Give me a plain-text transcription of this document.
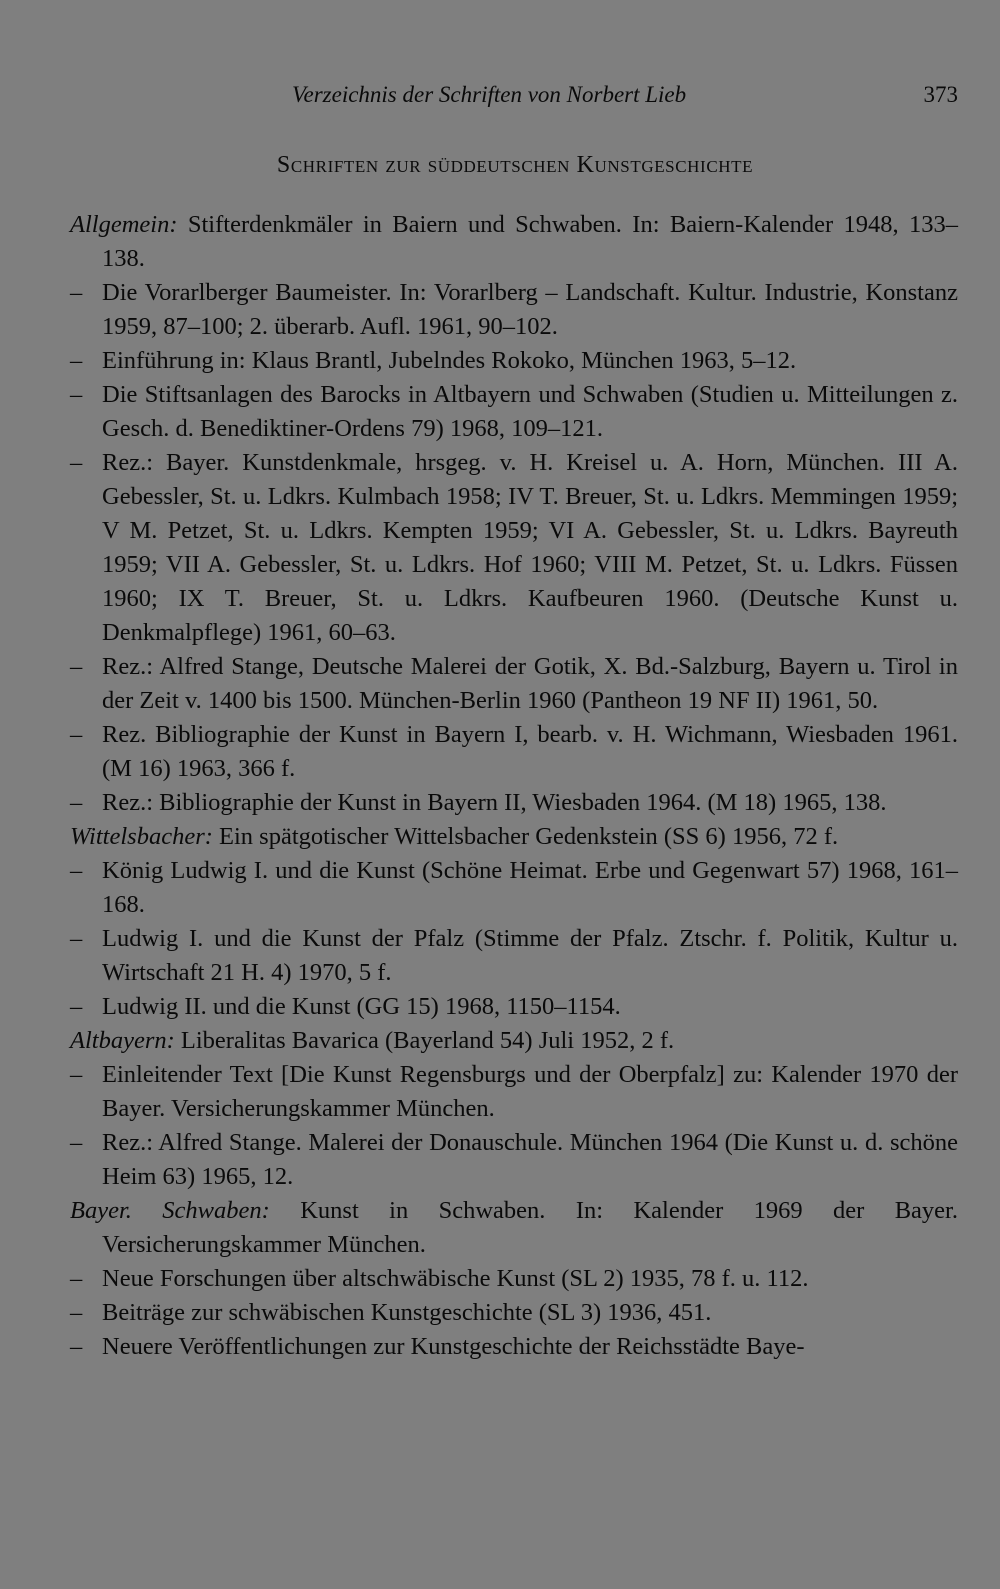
Verzeichnis der Schriften von Norbert Lieb	373
Schriften zur süddeutschen Kunstgeschichte

Allgemein: Stifterdenkmäler in Baiern und Schwaben. In: Baiern-Kalender 1948, 133–138.

– Die Vorarlberger Baumeister. In: Vorarlberg – Landschaft. Kultur. Industrie, Konstanz 1959, 87–100; 2. überarb. Aufl. 1961, 90–102.

– Einführung in: Klaus Brantl, Jubelndes Rokoko, München 1963, 5–12.

– Die Stiftsanlagen des Barocks in Altbayern und Schwaben (Studien u. Mitteilungen z. Gesch. d. Benediktiner-Ordens 79) 1968, 109–121.

– Rez.: Bayer. Kunstdenkmale, hrsgeg. v. H. Kreisel u. A. Horn, München. III A. Gebessler, St. u. Ldkrs. Kulmbach 1958; IV T. Breuer, St. u. Ldkrs. Memmingen 1959; V M. Petzet, St. u. Ldkrs. Kempten 1959; VI A. Gebessler, St. u. Ldkrs. Bayreuth 1959; VII A. Gebessler, St. u. Ldkrs. Hof 1960; VIII M. Petzet, St. u. Ldkrs. Füssen 1960; IX T. Breuer, St. u. Ldkrs. Kaufbeuren 1960. (Deutsche Kunst u. Denkmalpflege) 1961, 60–63.

– Rez.: Alfred Stange, Deutsche Malerei der Gotik, X. Bd.-Salzburg, Bayern u. Tirol in der Zeit v. 1400 bis 1500. München-Berlin 1960 (Pantheon 19 NF II) 1961, 50.

– Rez. Bibliographie der Kunst in Bayern I, bearb. v. H. Wichmann, Wiesbaden 1961. (M 16) 1963, 366 f.

– Rez.: Bibliographie der Kunst in Bayern II, Wiesbaden 1964. (M 18) 1965, 138.

Wittelsbacher: Ein spätgotischer Wittelsbacher Gedenkstein (SS 6) 1956, 72 f.

– König Ludwig I. und die Kunst (Schöne Heimat. Erbe und Gegenwart 57) 1968, 161–168.

– Ludwig I. und die Kunst der Pfalz (Stimme der Pfalz. Ztschr. f. Politik, Kultur u. Wirtschaft 21 H. 4) 1970, 5 f.

– Ludwig II. und die Kunst (GG 15) 1968, 1150–1154.

Altbayern: Liberalitas Bavarica (Bayerland 54) Juli 1952, 2 f.

– Einleitender Text [Die Kunst Regensburgs und der Oberpfalz] zu: Kalender 1970 der Bayer. Versicherungskammer München.

– Rez.: Alfred Stange. Malerei der Donauschule. München 1964 (Die Kunst u. d. schöne Heim 63) 1965, 12.

Bayer. Schwaben: Kunst in Schwaben. In: Kalender 1969 der Bayer. Versicherungskammer München.

– Neue Forschungen über altschwäbische Kunst (SL 2) 1935, 78 f. u. 112.

– Beiträge zur schwäbischen Kunstgeschichte (SL 3) 1936, 451.

– Neuere Veröffentlichungen zur Kunstgeschichte der Reichsstädte Baye-
